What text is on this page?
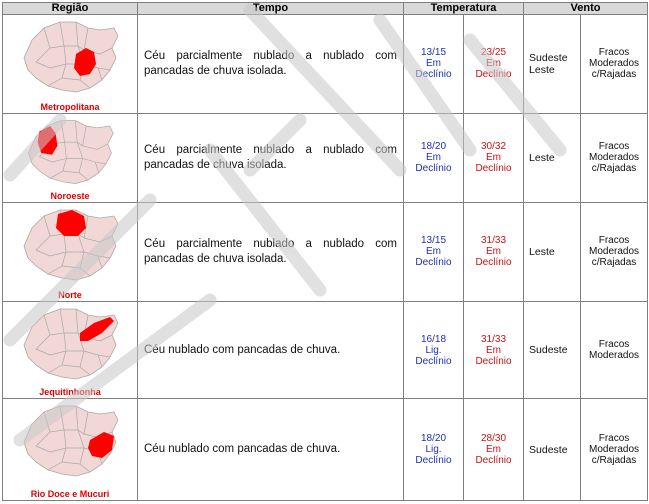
Região	Tempo	Temperatura		Vento	

Metropolitana	Céu parcialmente nublado a nublado com pancadas de chuva isolada.	13/15
Em
Declínio	23/25
Em
Declínio	Sudeste Leste	Fracos
Moderados
c/Rajadas

Noroeste	Céu parcialmente nublado a nublado com pancadas de chuva isolada.	18/20
Em
Declínio	30/32
Em
Declínio	Leste	Fracos
Moderados
c/Rajadas

Norte	Céu parcialmente nublado a nublado com pancadas de chuva isolada.	13/15
Em
Declínio	31/33
Em
Declínio	Leste	Fracos
Moderados
c/Rajadas

Jequitinhonha	Céu nublado com pancadas de chuva.	16/18
Lig.
Declínio	31/33
Em
Declínio	Sudeste	Fracos
Moderados

Rio Doce e Mucuri	Céu nublado com pancadas de chuva.	18/20
Lig.
Declínio	28/30
Em
Declínio	Sudeste	Fracos
Moderados
c/Rajadas
